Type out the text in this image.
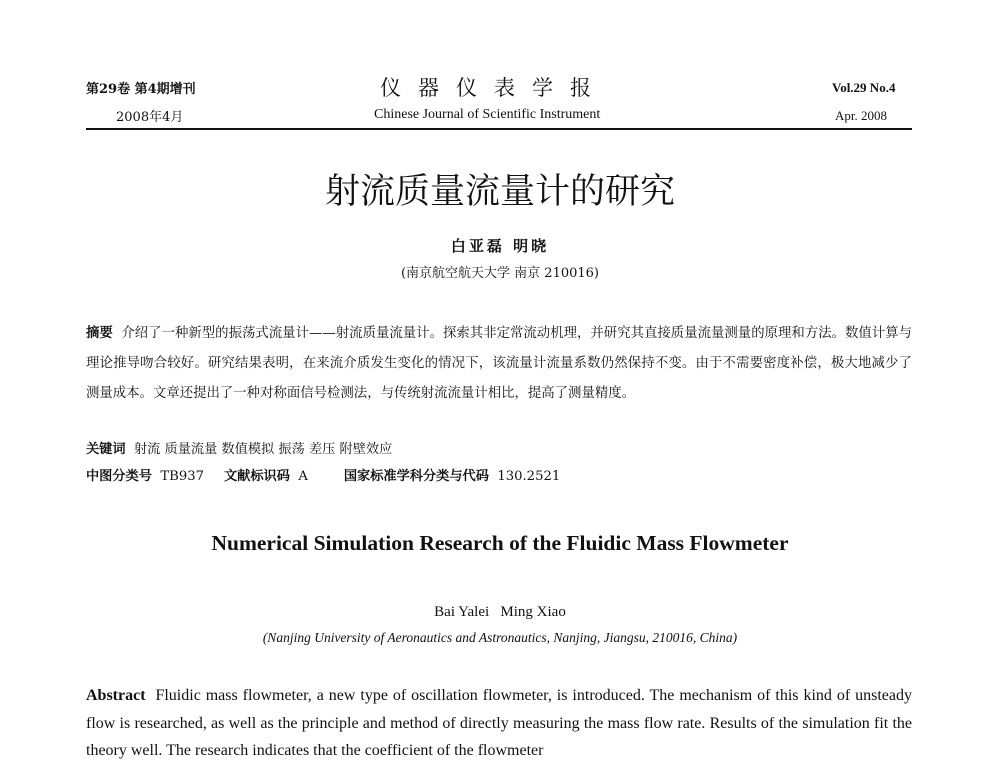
第29卷 第4期增刊
2008年4月
仪器仪表学报
Chinese Journal of Scientific Instrument
Vol.29 No.4
Apr. 2008
射流质量流量计的研究
白亚磊 明晓
(南京航空航天大学 南京 210016)
摘要 介绍了一种新型的振荡式流量计——射流质量流量计。探索其非定常流动机理，并研究其直接质量流量测量的原理和方法。数值计算与理论推导吻合较好。研究结果表明，在来流介质发生变化的情况下，该流量计流量系数仍然保持不变。由于不需要密度补偿，极大地减少了测量成本。文章还提出了一种对称面信号检测法，与传统射流流量计相比，提高了测量精度。
关键词 射流 质量流量 数值模拟 振荡 差压 附壁效应
中图分类号 TB937 文献标识码 A	国家标准学科分类与代码 130.2521
Numerical Simulation Research of the Fluidic Mass Flowmeter
Bai Yalei   Ming Xiao
(Nanjing University of Aeronautics and Astronautics, Nanjing, Jiangsu, 210016, China)
Abstract Fluidic mass flowmeter, a new type of oscillation flowmeter, is introduced. The mechanism of this kind of unsteady flow is researched, as well as the principle and method of directly measuring the mass flow rate. Results of the simulation fit the theory well. The research indicates that the coefficient of the flowmeter
